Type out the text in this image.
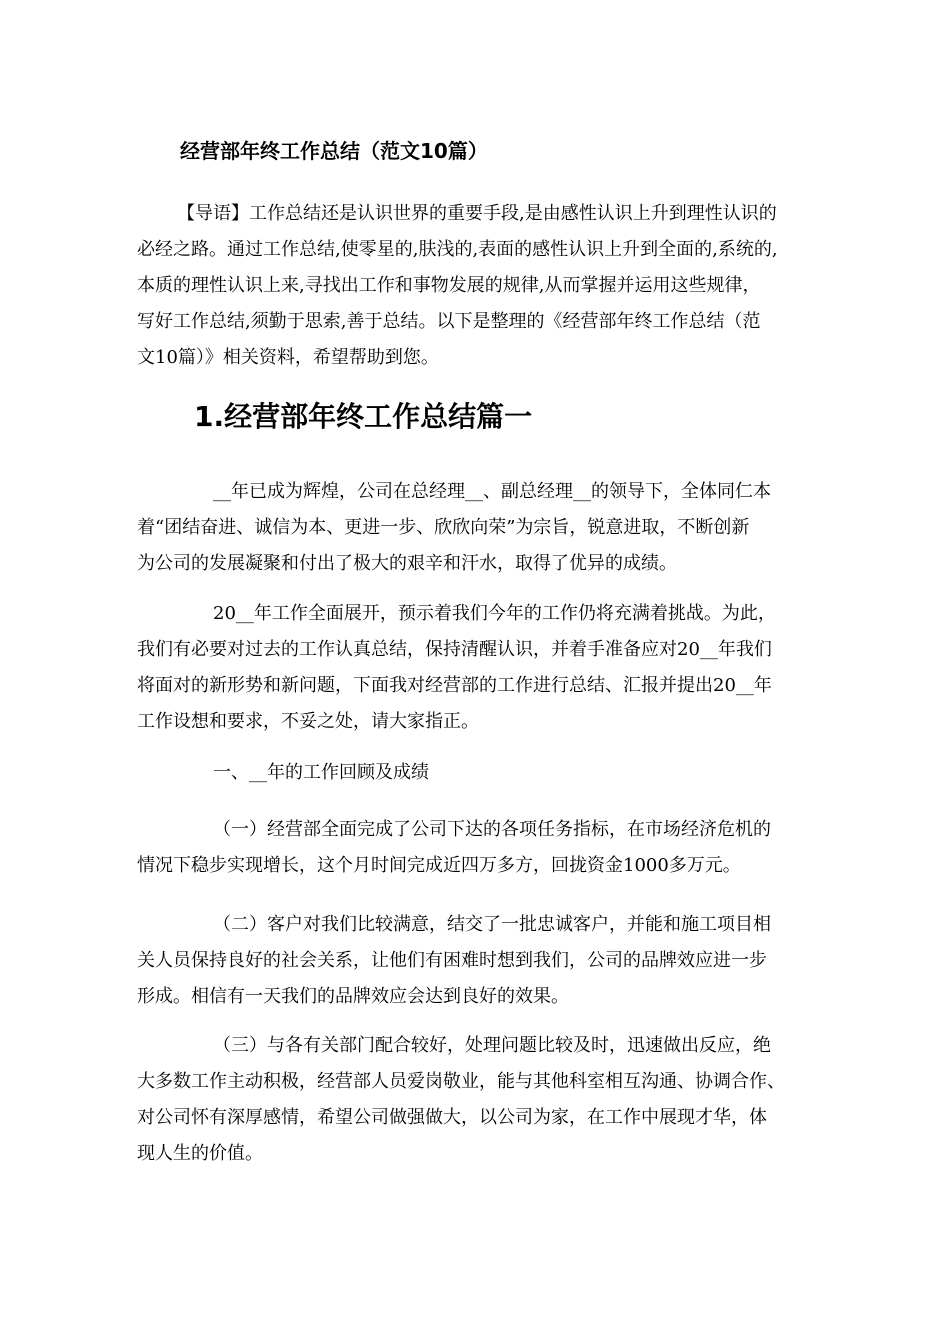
经营部年终工作总结（范文10篇）

【导语】工作总结还是认识世界的重要手段,是由感性认识上升到理性认识的
必经之路。通过工作总结,使零星的,肤浅的,表面的感性认识上升到全面的,系统的,
本质的理性认识上来,寻找出工作和事物发展的规律,从而掌握并运用这些规律，
写好工作总结,须勤于思索,善于总结。以下是整理的《经营部年终工作总结（范
文10篇）》相关资料，希望帮助到您。

1.经营部年终工作总结篇一

__年已成为辉煌，公司在总经理__、副总经理__的领导下，全体同仁本
着“团结奋进、诚信为本、更进一步、欣欣向荣”为宗旨，锐意进取，不断创新
为公司的发展凝聚和付出了极大的艰辛和汗水，取得了优异的成绩。

20__年工作全面展开，预示着我们今年的工作仍将充满着挑战。为此，
我们有必要对过去的工作认真总结，保持清醒认识，并着手准备应对20__年我们
将面对的新形势和新问题，下面我对经营部的工作进行总结、汇报并提出20__年
工作设想和要求，不妥之处，请大家指正。

一、__年的工作回顾及成绩

（一）经营部全面完成了公司下达的各项任务指标，在市场经济危机的
情况下稳步实现增长，这个月时间完成近四万多方，回拢资金1000多万元。

（二）客户对我们比较满意，结交了一批忠诚客户，并能和施工项目相
关人员保持良好的社会关系，让他们有困难时想到我们，公司的品牌效应进一步
形成。相信有一天我们的品牌效应会达到良好的效果。

（三）与各有关部门配合较好，处理问题比较及时，迅速做出反应，绝
大多数工作主动积极，经营部人员爱岗敬业，能与其他科室相互沟通、协调合作、
对公司怀有深厚感情，希望公司做强做大，以公司为家，在工作中展现才华，体
现人生的价值。
